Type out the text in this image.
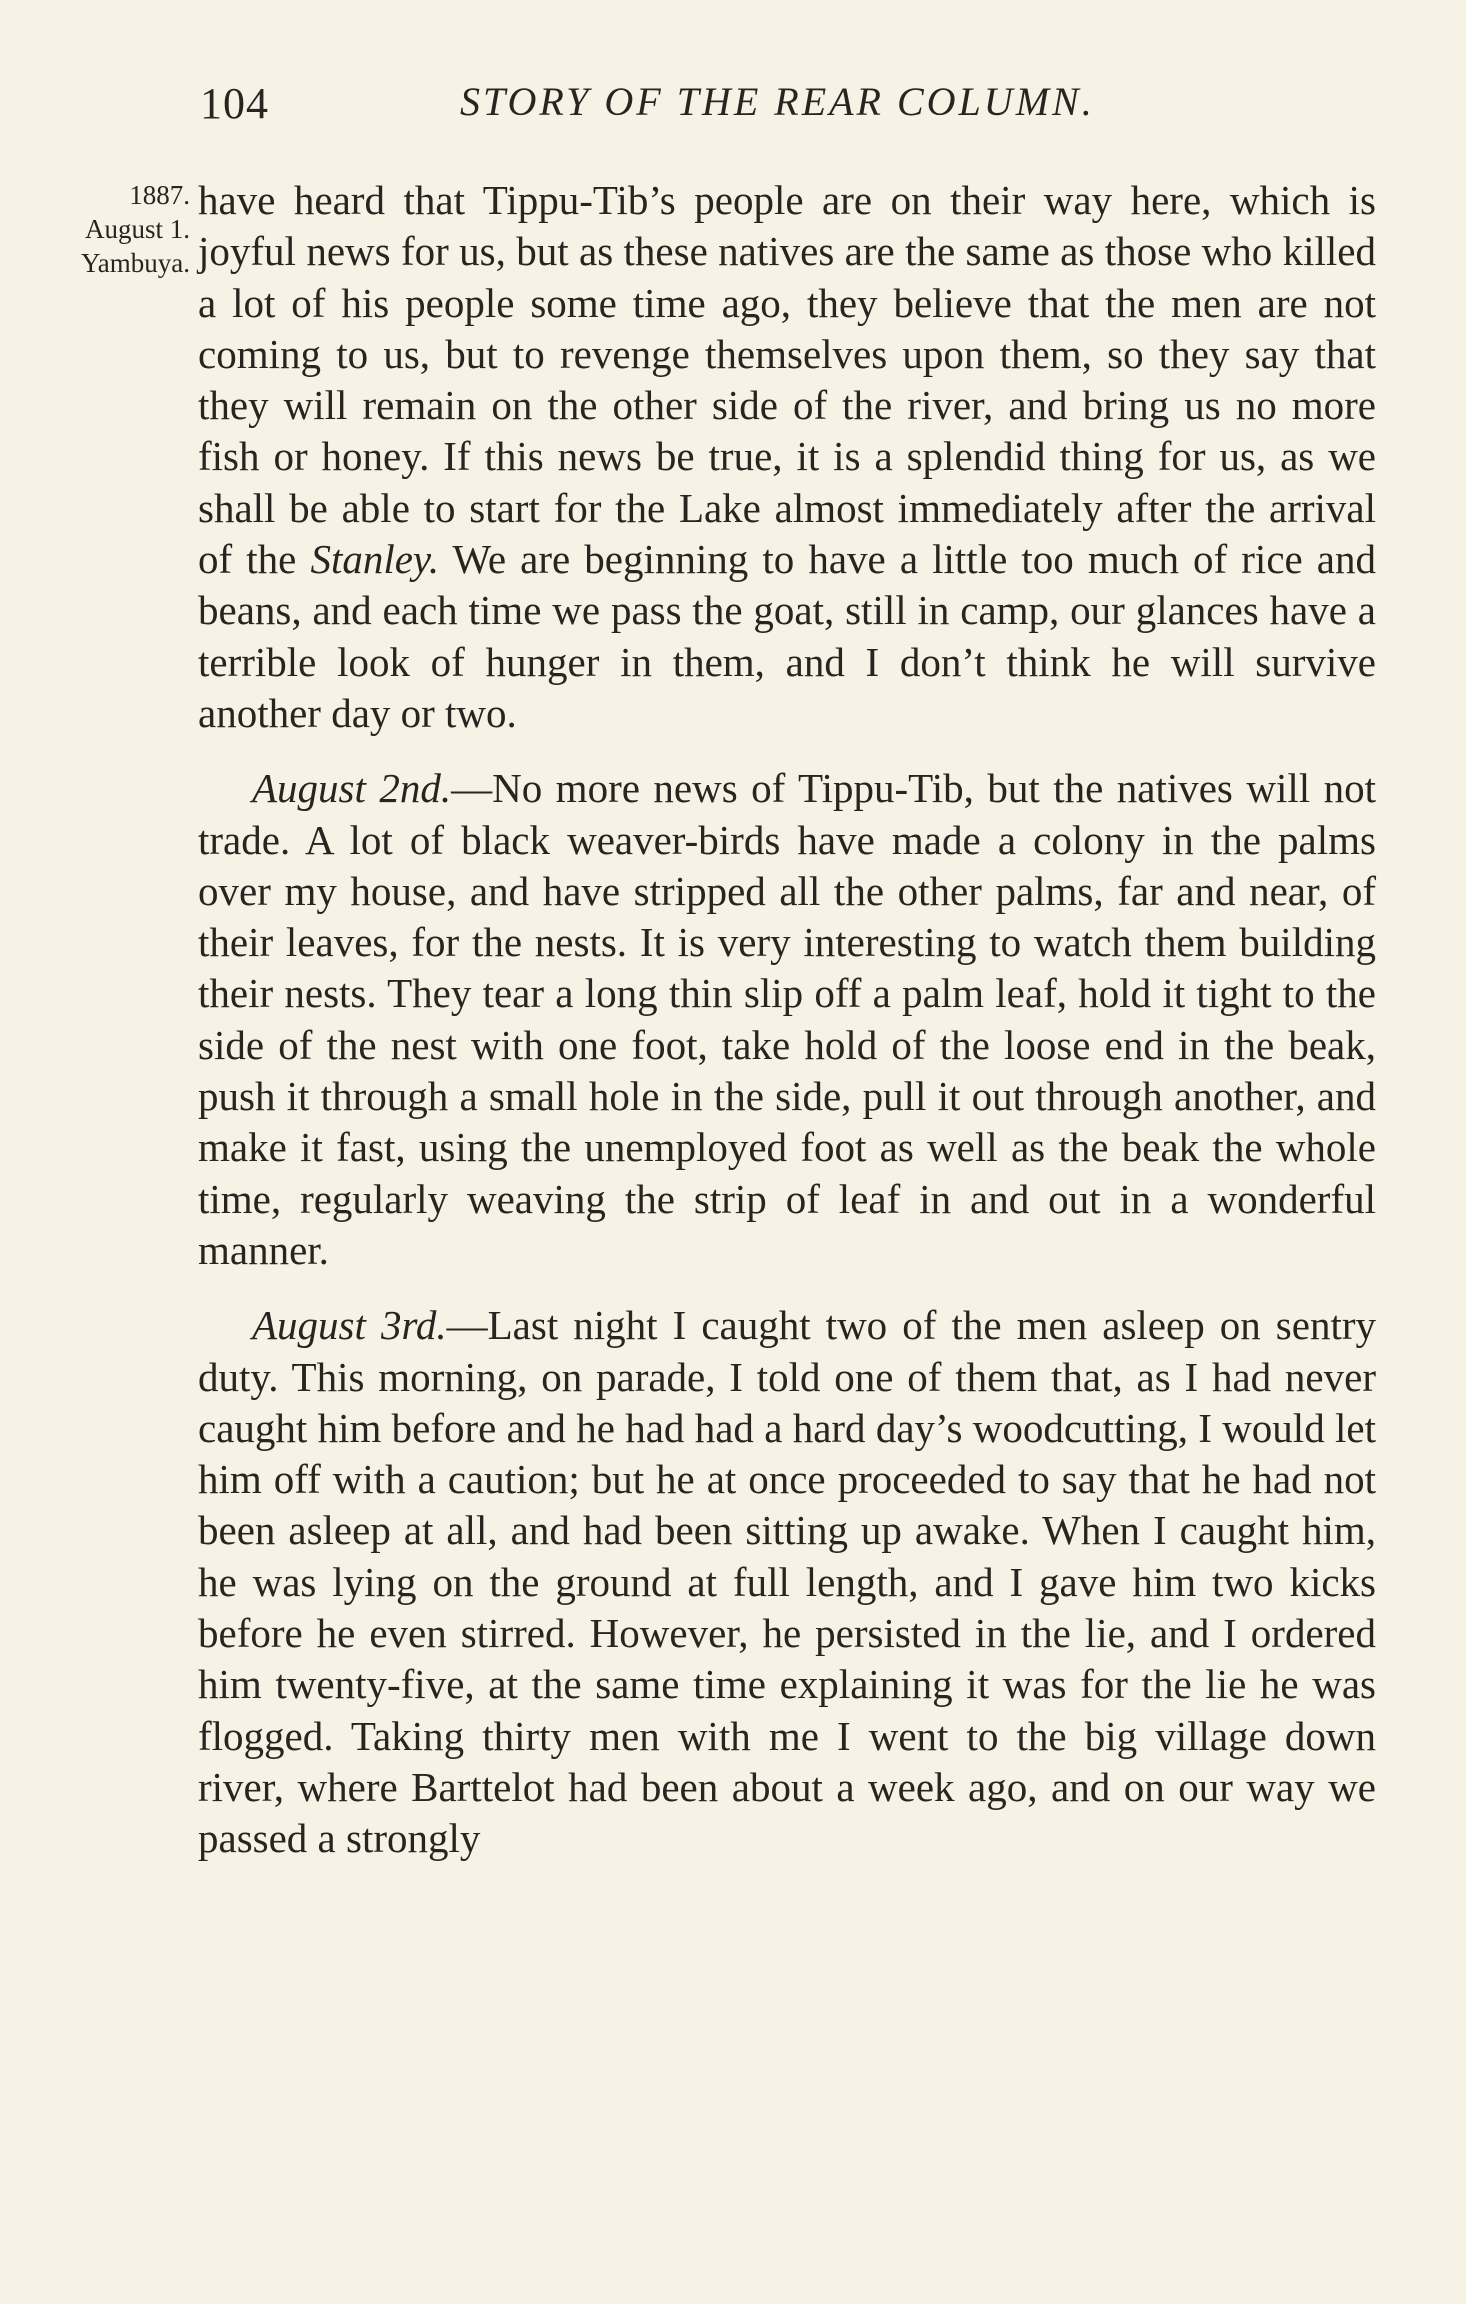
104	STORY OF THE REAR COLUMN.
1887.
August 1.
Yambuya.

have heard that Tippu-Tib’s people are on their way here, which is joyful news for us, but as these natives are the same as those who killed a lot of his people some time ago, they believe that the men are not coming to us, but to revenge themselves upon them, so they say that they will remain on the other side of the river, and bring us no more fish or honey. If this news be true, it is a splendid thing for us, as we shall be able to start for the Lake almost immediately after the arrival of the Stanley. We are beginning to have a little too much of rice and beans, and each time we pass the goat, still in camp, our glances have a terrible look of hunger in them, and I don’t think he will survive another day or two.

August 2nd.—No more news of Tippu-Tib, but the natives will not trade. A lot of black weaver-birds have made a colony in the palms over my house, and have stripped all the other palms, far and near, of their leaves, for the nests. It is very interesting to watch them building their nests. They tear a long thin slip off a palm leaf, hold it tight to the side of the nest with one foot, take hold of the loose end in the beak, push it through a small hole in the side, pull it out through another, and make it fast, using the unemployed foot as well as the beak the whole time, regularly weaving the strip of leaf in and out in a wonderful manner.

August 3rd.—Last night I caught two of the men asleep on sentry duty. This morning, on parade, I told one of them that, as I had never caught him before and he had had a hard day’s woodcutting, I would let him off with a caution; but he at once proceeded to say that he had not been asleep at all, and had been sitting up awake. When I caught him, he was lying on the ground at full length, and I gave him two kicks before he even stirred. However, he persisted in the lie, and I ordered him twenty-five, at the same time explaining it was for the lie he was flogged. Taking thirty men with me I went to the big village down river, where Barttelot had been about a week ago, and on our way we passed a strongly
